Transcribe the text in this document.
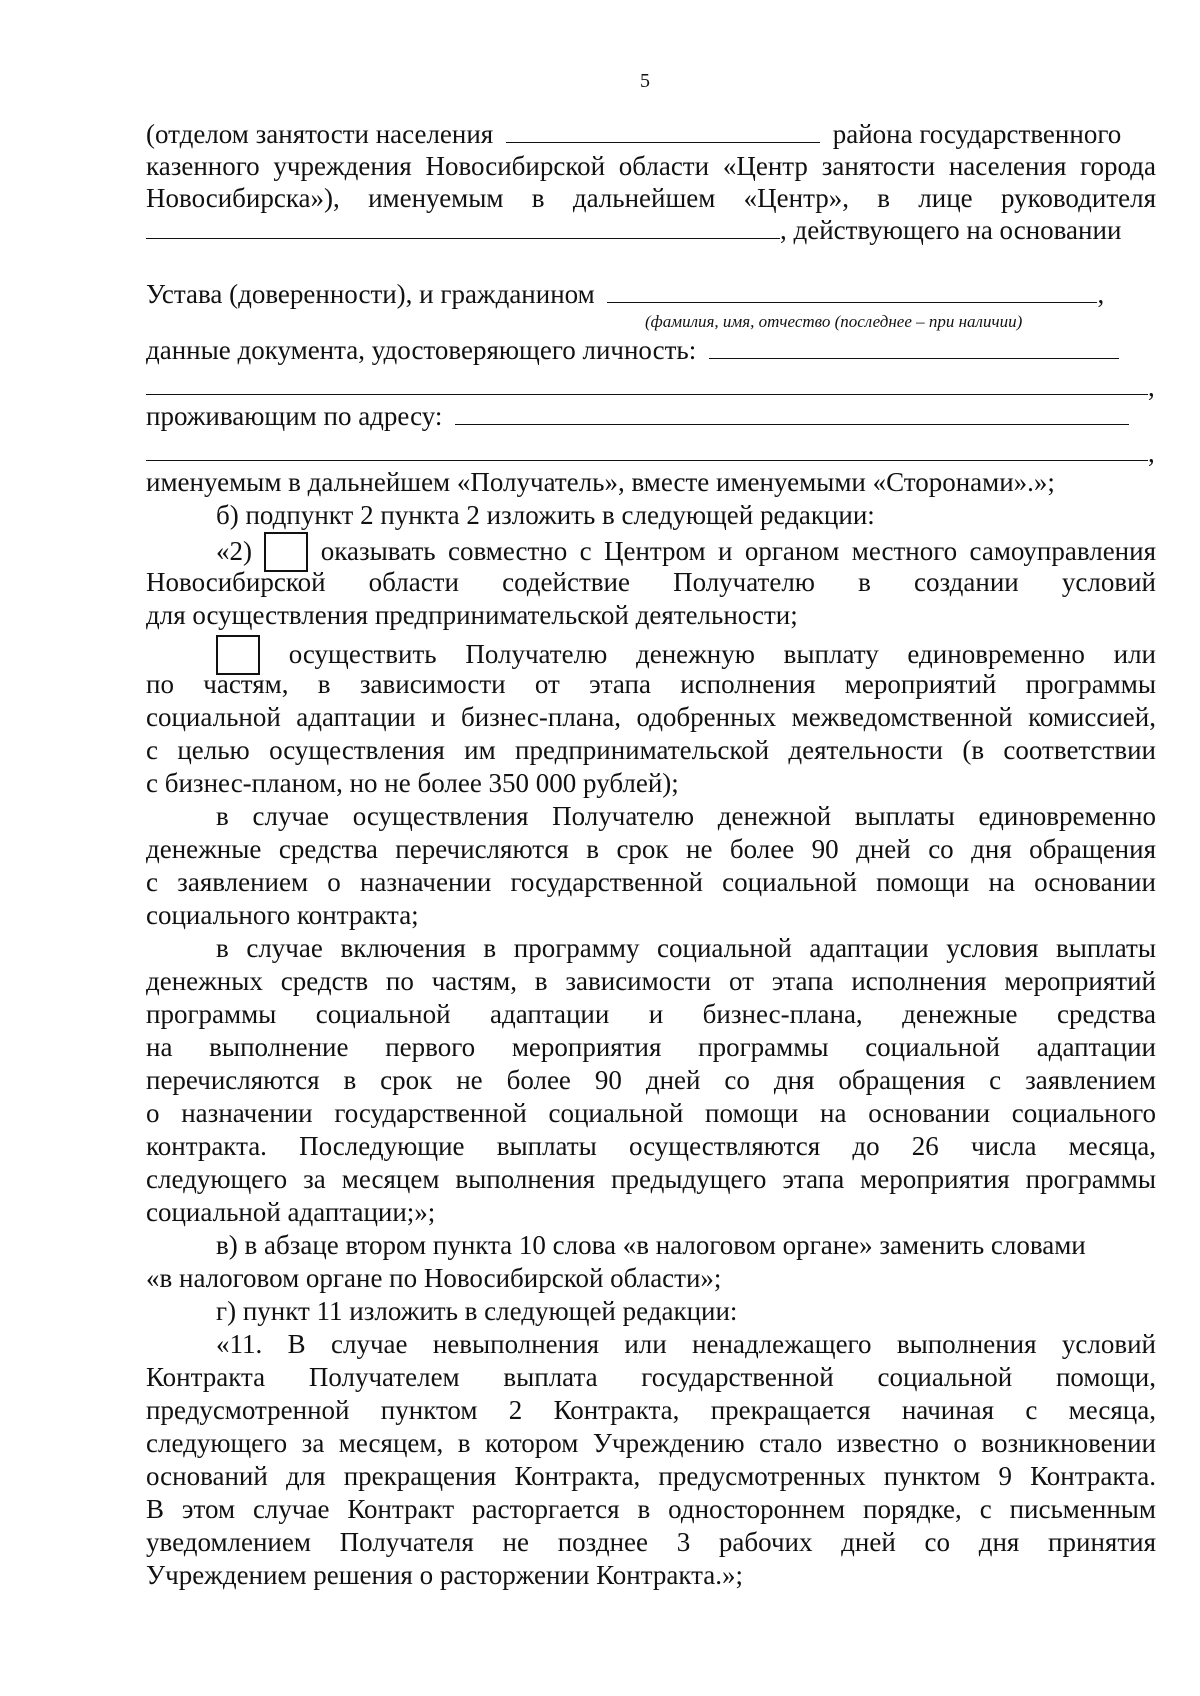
5
(отделом занятости населения	района государственного
казенного учреждения Новосибирской области «Центр занятости населения города
Новосибирска»), именуемым в дальнейшем «Центр», в лице руководителя
, действующего на основании
Устава (доверенности), и гражданином	,
(фамилия, имя, отчество (последнее – при наличии)
данные документа, удостоверяющего личность:
,
проживающим по адресу:
,
именуемым в дальнейшем «Получатель», вместе именуемыми «Сторонами».»;
б) подпункт 2 пункта 2 изложить в следующей редакции:
«2)	оказывать совместно с Центром и органом местного самоуправления
Новосибирской области содействие Получателю в создании условий
для осуществления предпринимательской деятельности;
осуществить Получателю денежную выплату единовременно или
по частям, в зависимости от этапа исполнения мероприятий программы
социальной адаптации и бизнес-плана, одобренных межведомственной комиссией,
с целью осуществления им предпринимательской деятельности (в соответствии
с бизнес-планом, но не более 350 000 рублей);
в случае осуществления Получателю денежной выплаты единовременно
денежные средства перечисляются в срок не более 90 дней со дня обращения
с заявлением о назначении государственной социальной помощи на основании
социального контракта;
в случае включения в программу социальной адаптации условия выплаты
денежных средств по частям, в зависимости от этапа исполнения мероприятий
программы социальной адаптации и бизнес-плана, денежные средства
на выполнение первого мероприятия программы социальной адаптации
перечисляются в срок не более 90 дней со дня обращения с заявлением
о назначении государственной социальной помощи на основании социального
контракта. Последующие выплаты осуществляются до 26 числа месяца,
следующего за месяцем выполнения предыдущего этапа мероприятия программы
социальной адаптации;»;
в) в абзаце втором пункта 10 слова «в налоговом органе» заменить словами
«в налоговом органе по Новосибирской области»;
г) пункт 11 изложить в следующей редакции:
«11. В случае невыполнения или ненадлежащего выполнения условий
Контракта Получателем выплата государственной социальной помощи,
предусмотренной пунктом 2 Контракта, прекращается начиная с месяца,
следующего за месяцем, в котором Учреждению стало известно о возникновении
оснований для прекращения Контракта, предусмотренных пунктом 9 Контракта.
В этом случае Контракт расторгается в одностороннем порядке, с письменным
уведомлением Получателя не позднее 3 рабочих дней со дня принятия
Учреждением решения о расторжении Контракта.»;
